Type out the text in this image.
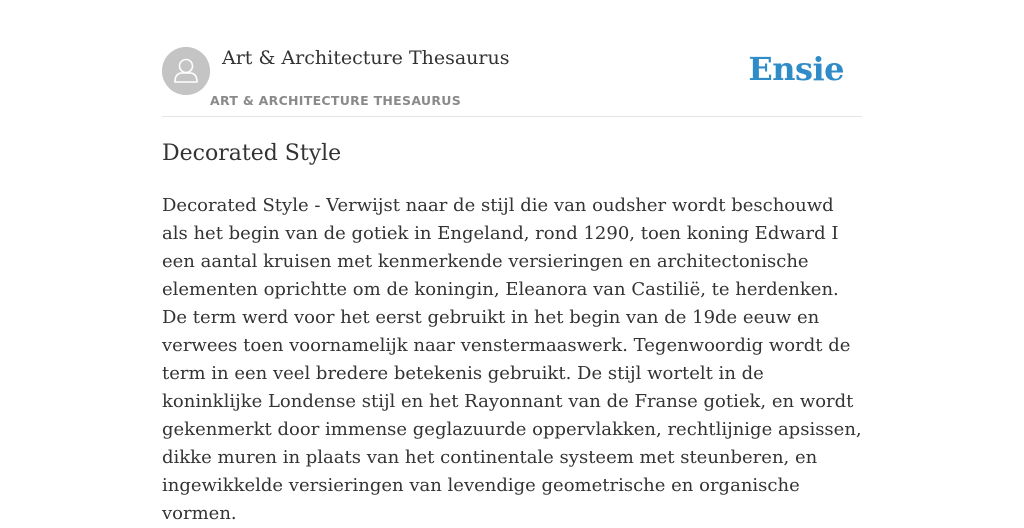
Art & Architecture Thesaurus
ART & ARCHITECTURE THESAURUS
Ensie
Decorated Style

Decorated Style - Verwijst naar de stijl die van oudsher wordt beschouwd als het begin van de gotiek in Engeland, rond 1290, toen koning Edward I een aantal kruisen met kenmerkende versieringen en architectonische elementen oprichtte om de koningin, Eleanora van Castilië, te herdenken. De term werd voor het eerst gebruikt in het begin van de 19de eeuw en verwees toen voornamelijk naar venstermaaswerk. Tegenwoordig wordt de term in een veel bredere betekenis gebruikt. De stijl wortelt in de koninklijke Londense stijl en het Rayonnant van de Franse gotiek, en wordt gekenmerkt door immense geglazuurde oppervlakken, rechtlijnige apsissen, dikke muren in plaats van het continentale systeem met steunberen, en ingewikkelde versieringen van levendige geometrische en organische vormen.
